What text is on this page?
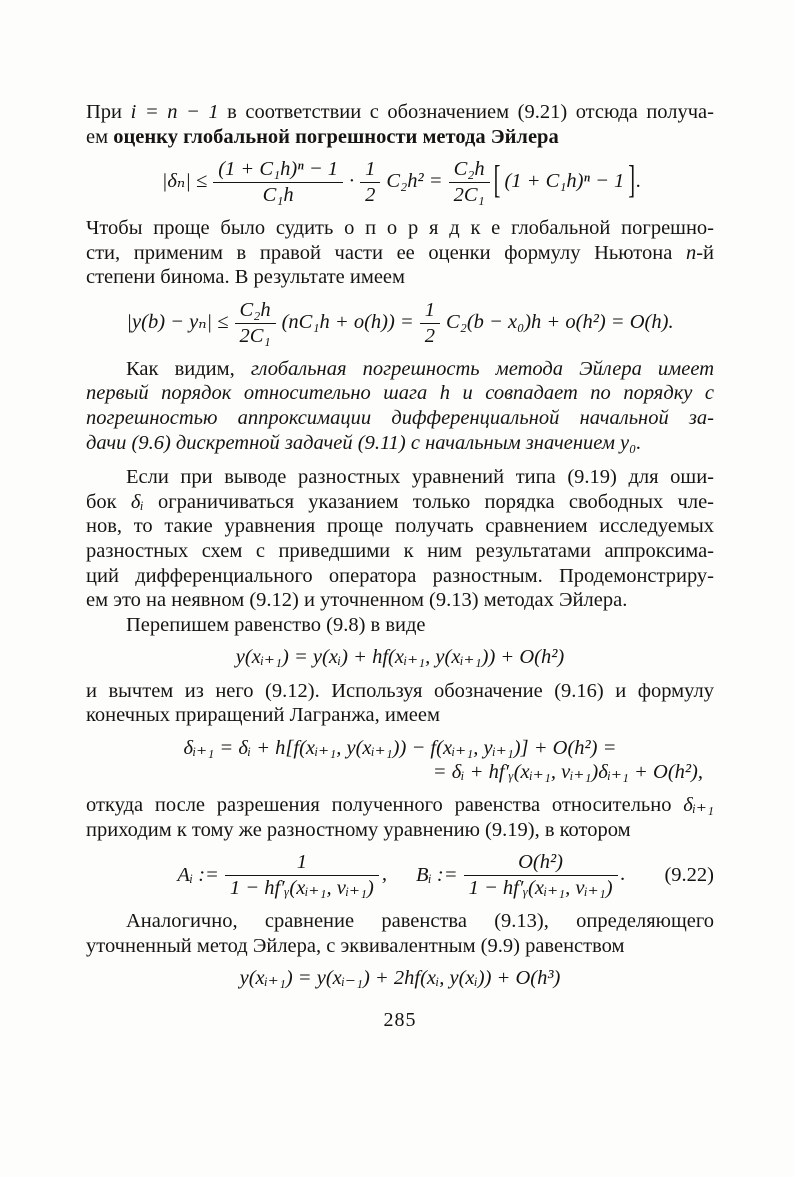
При i = n − 1 в соответствии с обозначением (9.21) отсюда получа-
ем оценку глобальной погрешности метода Эйлера

$|\delta_n| \le \frac{\text{(1 + C₁h)ⁿ − 1}}{\text{C₁h}} \cdot \frac{1}{2} C_2h^2 = \frac{\text{C₂h}}{\text{2C₁}}$ [ (1 + C₁h)ⁿ − 1 ].

Чтобы проще было судить о п о р я д к е глобальной погрешно-
сти, применим в правой части ее оценки формулу Ньютона n-й
степени бинома. В результате имеем

$|y(b) - y_n| \le \frac{\text{C₂h}}{\text{2C₁}} (nC_1h + o(h)) = \frac{1}{2} C_2(b - x_0)h + o(h^2) = O(h)$.

Как видим, глобальная погрешность метода Эйлера имеет
первый порядок относительно шага h и совпадает по порядку с
погрешностью аппроксимации дифференциальной начальной за-
дачи (9.6) дискретной задачей (9.11) с начальным значением y₀.

Если при выводе разностных уравнений типа (9.19) для оши-
бок δᵢ ограничиваться указанием только порядка свободных чле-
нов, то такие уравнения проще получать сравнением исследуемых
разностных схем с приведшими к ним результатами аппроксима-
ций дифференциального оператора разностным. Продемонстриру-
ем это на неявном (9.12) и уточненном (9.13) методах Эйлера.

Перепишем равенство (9.8) в виде

y(xᵢ₊₁) = y(xᵢ) + hf(xᵢ₊₁, y(xᵢ₊₁)) + O(h²)

и вычтем из него (9.12). Используя обозначение (9.16) и формулу
конечных приращений Лагранжа, имеем

δᵢ₊₁ = δᵢ + h[f(xᵢ₊₁, y(xᵢ₊₁)) − f(xᵢ₊₁, yᵢ₊₁)] + O(h²) =
= δᵢ + hf′ᵧ(xᵢ₊₁, vᵢ₊₁)δᵢ₊₁ + O(h²),

откуда после разрешения полученного равенства относительно δᵢ₊₁
приходим к тому же разностному уравнению (9.19), в котором

Aᵢ := $\frac{1}{\text{1 − hf′ᵧ(xᵢ₊₁, vᵢ₊₁)}}$ , Bᵢ := $\frac{\text{O(h²)}}{\text{1 − hf′ᵧ(xᵢ₊₁, vᵢ₊₁)}}$ . (9.22)

Аналогично, сравнение равенства (9.13), определяющего
уточненный метод Эйлера, с эквивалентным (9.9) равенством

y(xᵢ₊₁) = y(xᵢ₋₁) + 2hf(xᵢ, y(xᵢ)) + O(h³)
285
